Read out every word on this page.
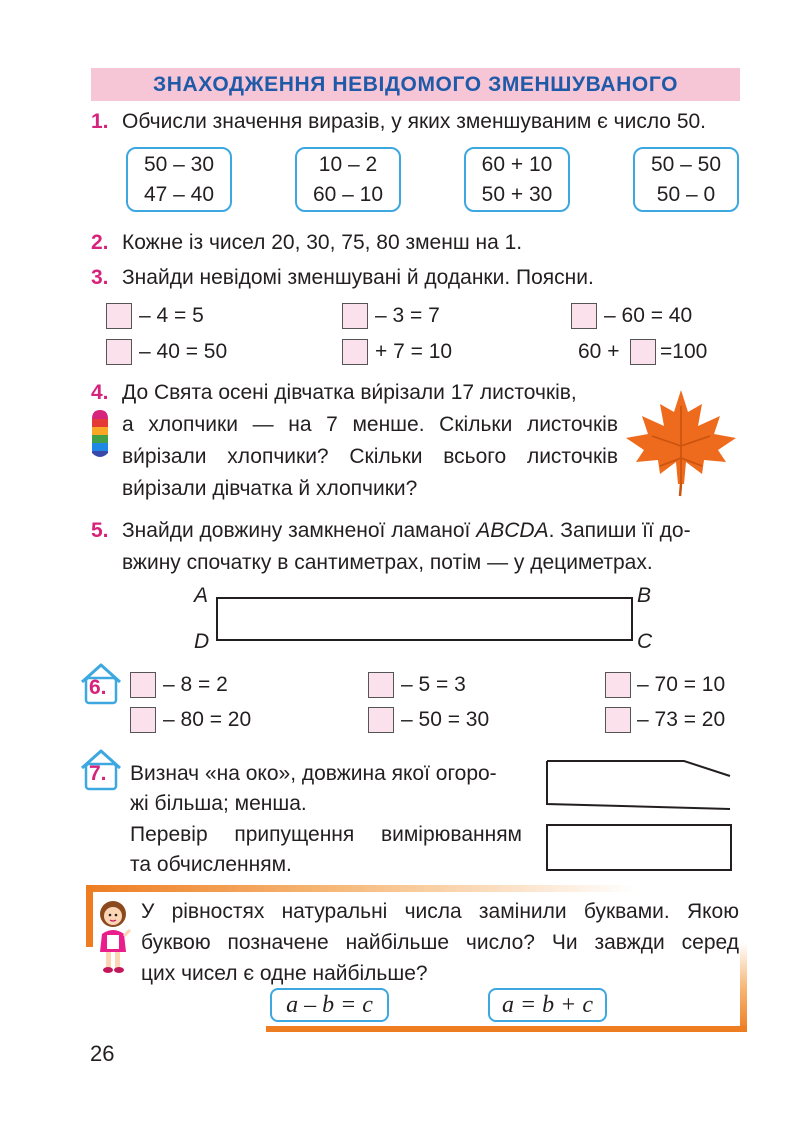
ЗНАХОДЖЕННЯ НЕВІДОМОГО ЗМЕНШУВАНОГО
1. Обчисли значення виразів, у яких зменшуваним є число 50.
50 – 30
47 – 40
10 – 2
60 – 10
60 + 10
50 + 30
50 – 50
50 – 0
2. Кожне із чисел 20, 30, 75, 80 зменш на 1.
3. Знайди невідомі зменшувані й доданки. Поясни.
– 4 = 5	– 3 = 7	– 60 = 40
– 40 = 50	+ 7 = 10	60 + =100
4. До Свята осені дівчатка ви́різали 17 листочків,
а хлопчики — на 7 менше. Скільки листочків
ви́різали хлопчики? Скільки всього листочків
ви́різали дівчатка й хлопчики?
5. Знайди довжину замкненої ламаної ABCDA. Запиши її до-
вжину спочатку в сантиметрах, потім — у дециметрах.
A	B
C
D
6.	– 8 = 2	– 5 = 3	– 70 = 10
– 80 = 20	– 50 = 30	– 73 = 20
7. Визнач «на око», довжина якої огоро-
жі більша; менша.
Перевір припущення вимірюванням
та обчисленням.
У рівностях натуральні числа замінили буквами. Якою
буквою позначене найбільше число? Чи завжди серед
цих чисел є одне найбільше?
a – b = c	a = b + c
26
